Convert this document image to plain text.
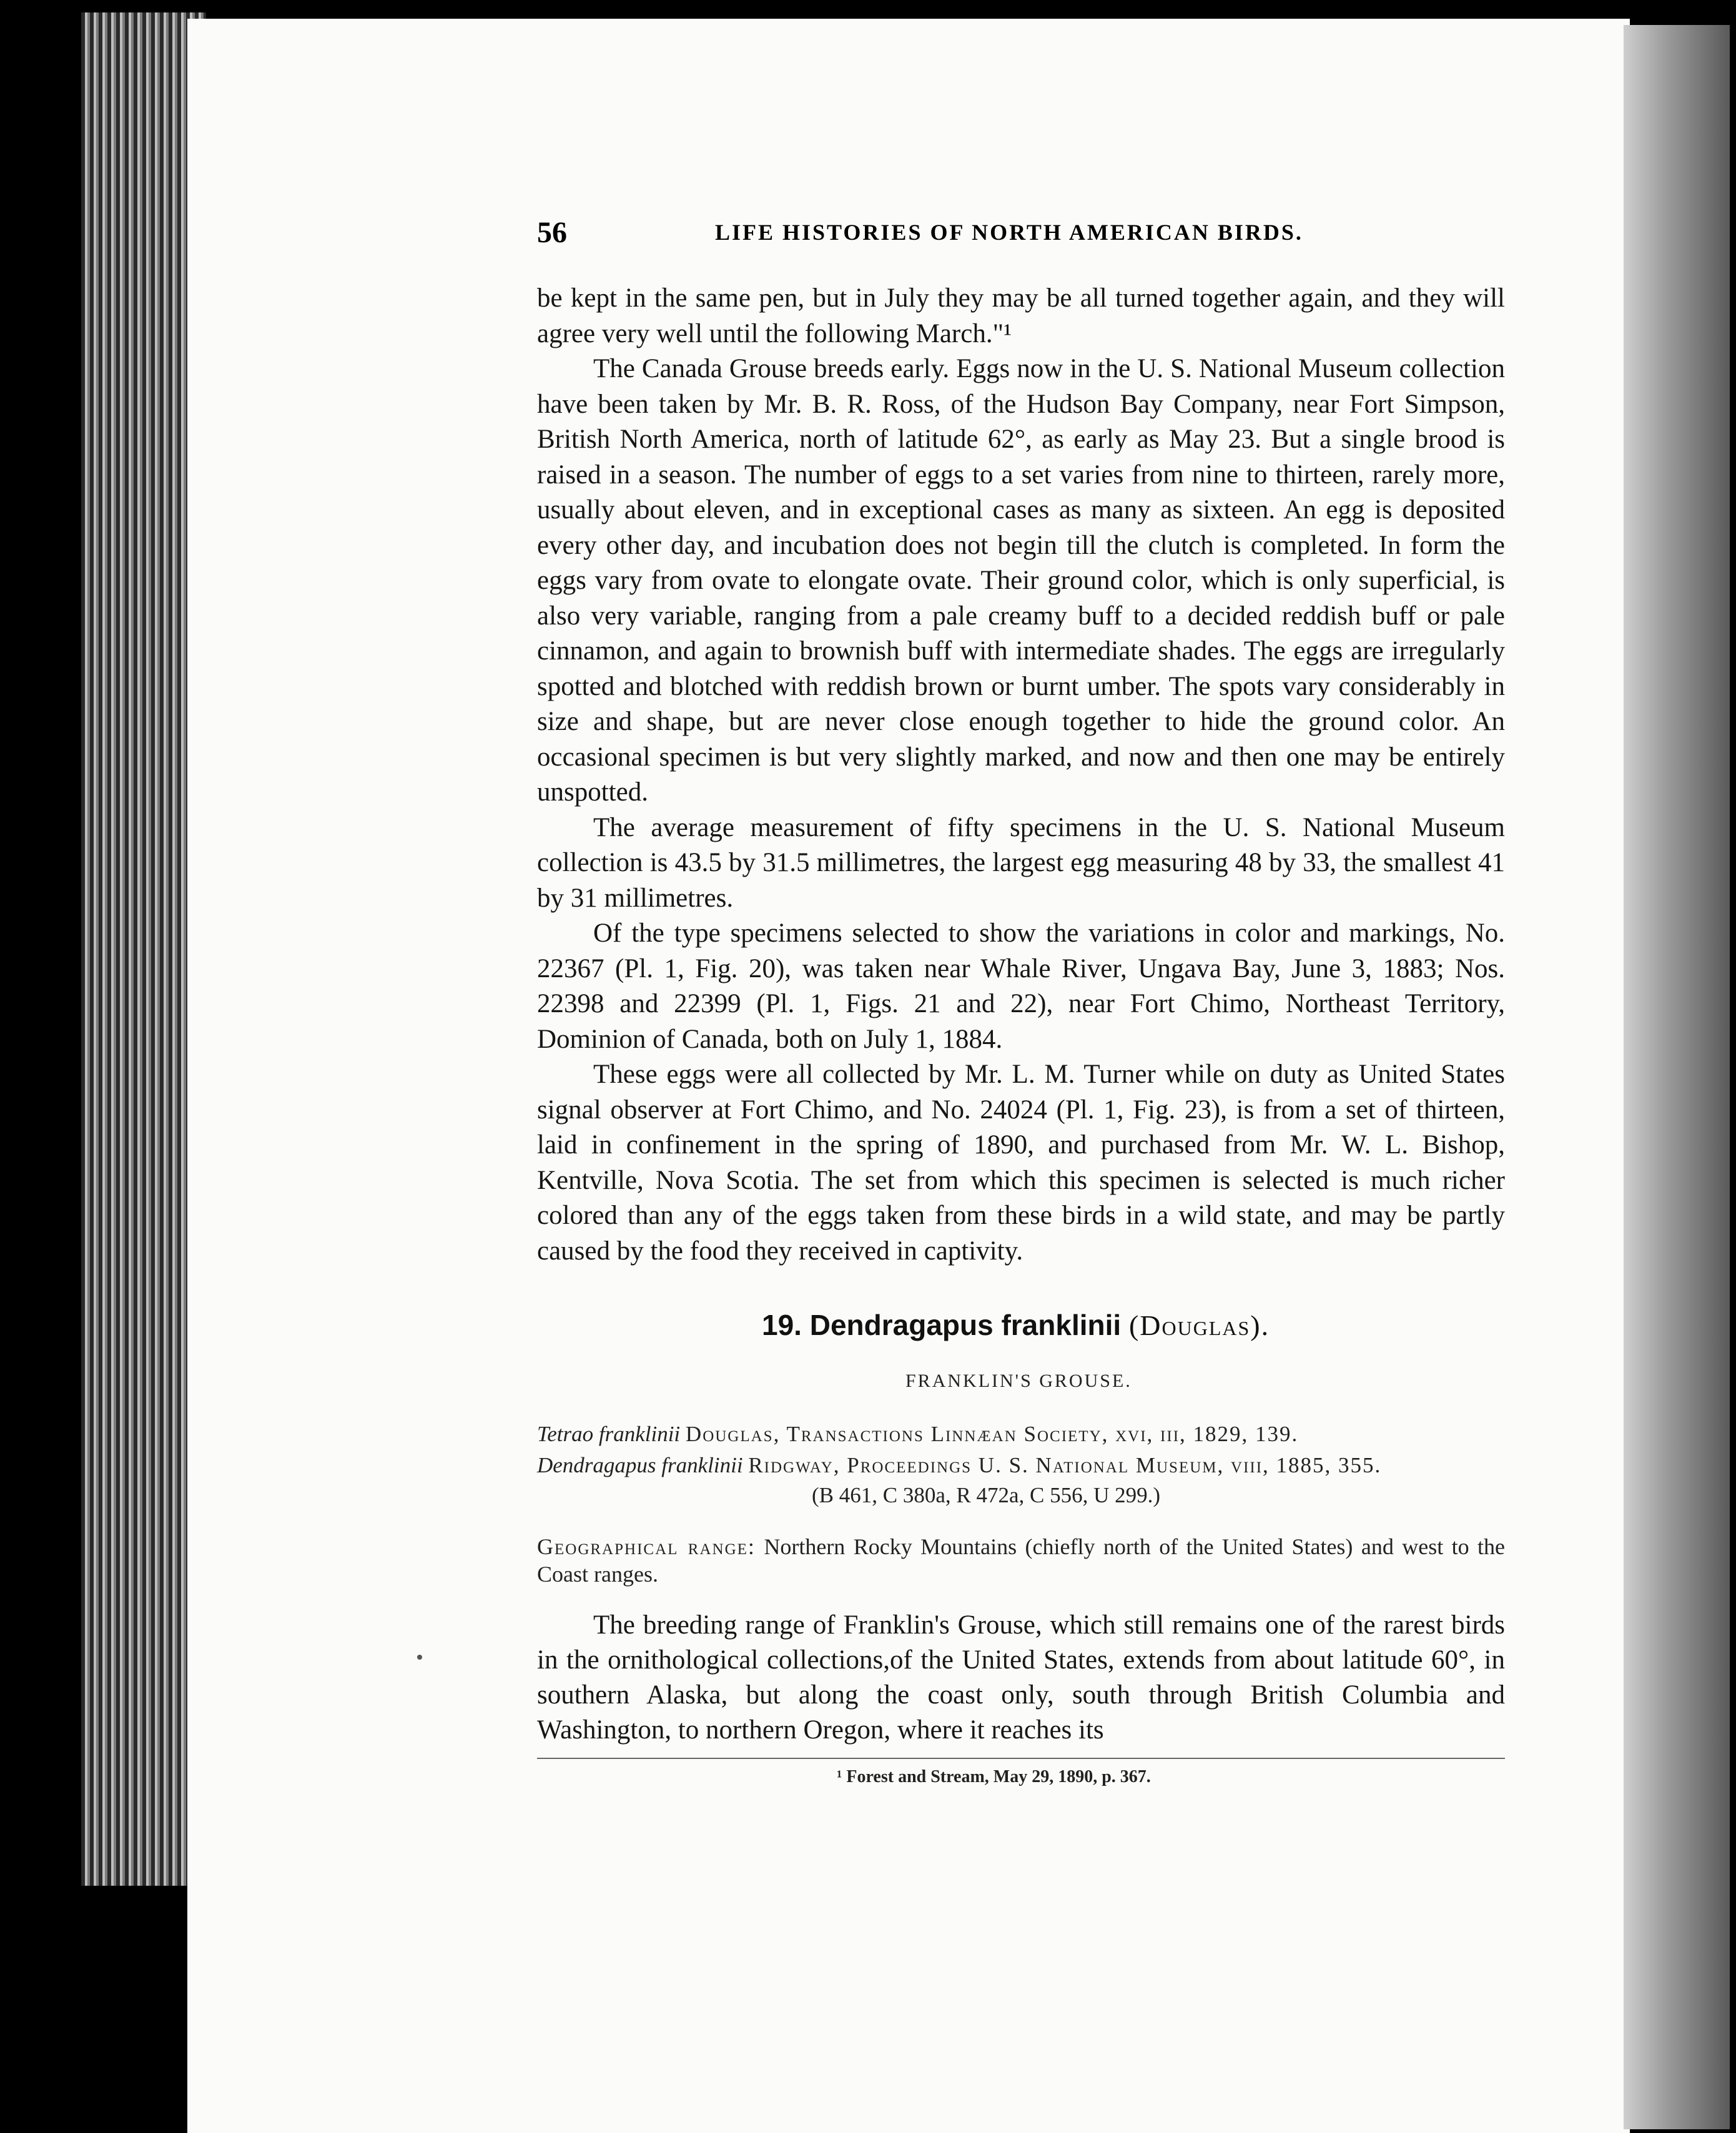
56	LIFE HISTORIES OF NORTH AMERICAN BIRDS.

be kept in the same pen, but in July they may be all turned together again, and they will agree very well until the following March."¹

The Canada Grouse breeds early. Eggs now in the U. S. National Museum collection have been taken by Mr. B. R. Ross, of the Hudson Bay Company, near Fort Simpson, British North America, north of latitude 62°, as early as May 23. But a single brood is raised in a season. The number of eggs to a set varies from nine to thirteen, rarely more, usually about eleven, and in exceptional cases as many as sixteen. An egg is deposited every other day, and incubation does not begin till the clutch is completed. In form the eggs vary from ovate to elongate ovate. Their ground color, which is only superficial, is also very variable, ranging from a pale creamy buff to a decided reddish buff or pale cinnamon, and again to brownish buff with intermediate shades. The eggs are irregularly spotted and blotched with reddish brown or burnt umber. The spots vary considerably in size and shape, but are never close enough together to hide the ground color. An occasional specimen is but very slightly marked, and now and then one may be entirely unspotted.

The average measurement of fifty specimens in the U. S. National Museum collection is 43.5 by 31.5 millimetres, the largest egg measuring 48 by 33, the smallest 41 by 31 millimetres.

Of the type specimens selected to show the variations in color and markings, No. 22367 (Pl. 1, Fig. 20), was taken near Whale River, Ungava Bay, June 3, 1883; Nos. 22398 and 22399 (Pl. 1, Figs. 21 and 22), near Fort Chimo, Northeast Territory, Dominion of Canada, both on July 1, 1884.

These eggs were all collected by Mr. L. M. Turner while on duty as United States signal observer at Fort Chimo, and No. 24024 (Pl. 1, Fig. 23), is from a set of thirteen, laid in confinement in the spring of 1890, and purchased from Mr. W. L. Bishop, Kentville, Nova Scotia. The set from which this specimen is selected is much richer colored than any of the eggs taken from these birds in a wild state, and may be partly caused by the food they received in captivity.

19. Dendragapus franklinii (Douglas).
FRANKLIN'S GROUSE.
Tetrao franklinii Douglas, Transactions Linnæan Society, xvi, iii, 1829, 139.
Dendragapus franklinii Ridgway, Proceedings U. S. National Museum, viii, 1885, 355.
(B 461, C 380a, R 472a, C 556, U 299.)
Geographical range: Northern Rocky Mountains (chiefly north of the United States) and west to the Coast ranges.

The breeding range of Franklin's Grouse, which still remains one of the rarest birds in the ornithological collections,of the United States, extends from about latitude 60°, in southern Alaska, but along the coast only, south through British Columbia and Washington, to northern Oregon, where it reaches its

¹ Forest and Stream, May 29, 1890, p. 367.
